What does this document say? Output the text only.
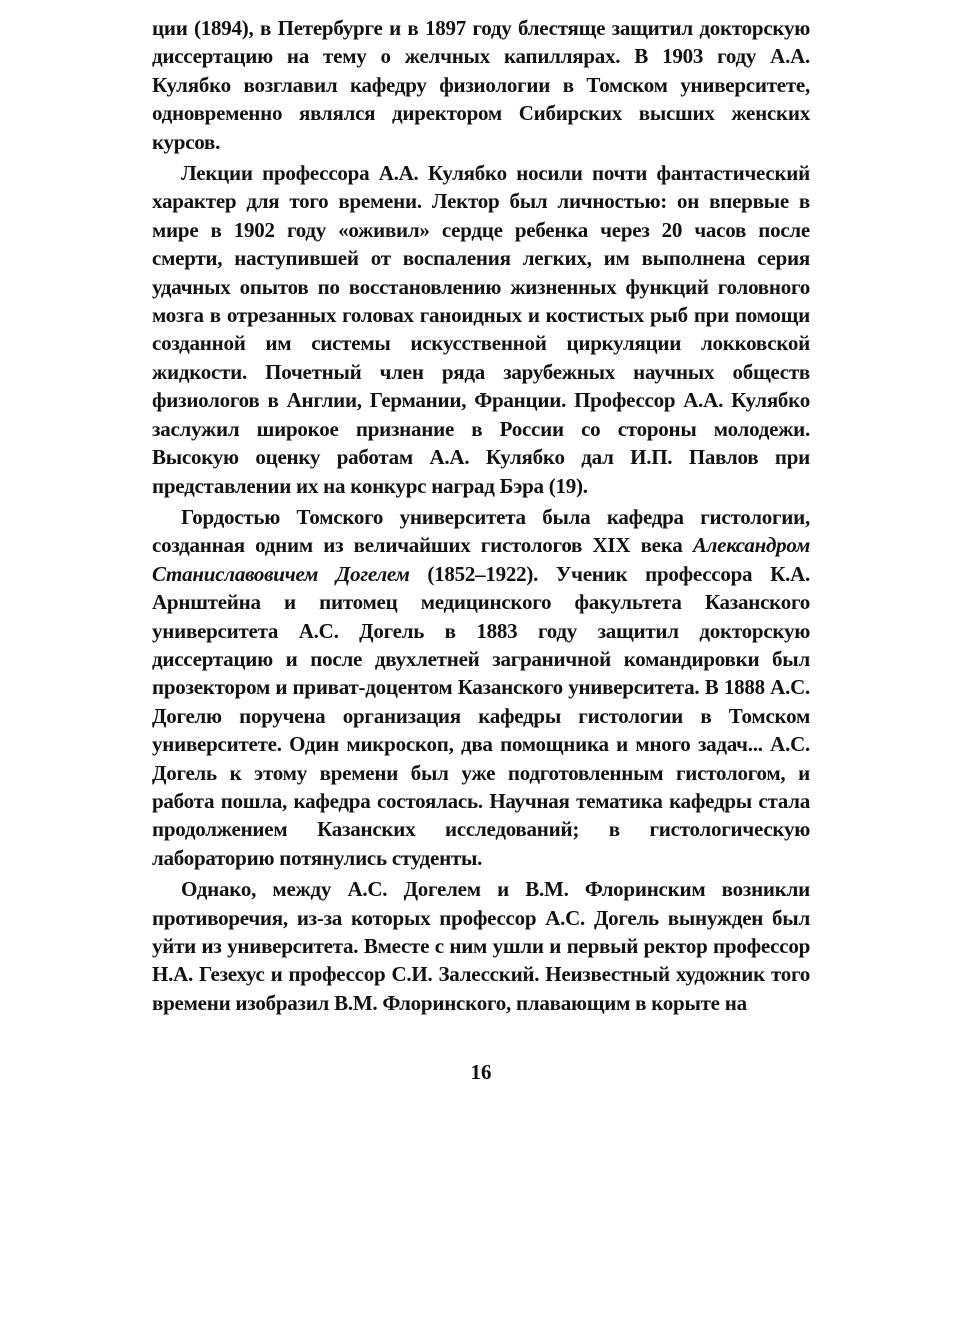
ции (1894), в Петербурге и в 1897 году блестяще защитил докторскую диссертацию на тему о желчных капиллярах. В 1903 году А.А. Кулябко возглавил кафедру физиологии в Томском университете, одновременно являлся директором Сибирских высших женских курсов.

Лекции профессора А.А. Кулябко носили почти фантастический характер для того времени. Лектор был личностью: он впервые в мире в 1902 году «оживил» сердце ребенка через 20 часов после смерти, наступившей от воспаления легких, им выполнена серия удачных опытов по восстановлению жизненных функций головного мозга в отрезанных головах ганоидных и костистых рыб при помощи созданной им системы искусственной циркуляции локковской жидкости. Почетный член ряда зарубежных научных обществ физиологов в Англии, Германии, Франции. Профессор А.А. Кулябко заслужил широкое признание в России со стороны молодежи. Высокую оценку работам А.А. Кулябко дал И.П. Павлов при представлении их на конкурс наград Бэра (19).

Гордостью Томского университета была кафедра гистологии, созданная одним из величайших гистологов XIX века Александром Станиславовичем Догелем (1852–1922). Ученик профессора К.А. Арнштейна и питомец медицинского факультета Казанского университета А.С. Догель в 1883 году защитил докторскую диссертацию и после двухлетней заграничной командировки был прозектором и приват-доцентом Казанского университета. В 1888 А.С. Догелю поручена организация кафедры гистологии в Томском университете. Один микроскоп, два помощника и много задач... А.С. Догель к этому времени был уже подготовленным гистологом, и работа пошла, кафедра состоялась. Научная тематика кафедры стала продолжением Казанских исследований; в гистологическую лабораторию потянулись студенты.

Однако, между А.С. Догелем и В.М. Флоринским возникли противоречия, из-за которых профессор А.С. Догель вынужден был уйти из университета. Вместе с ним ушли и первый ректор профессор Н.А. Гезехус и профессор С.И. Залесский. Неизвестный художник того времени изобразил В.М. Флоринского, плавающим в корыте на

16
